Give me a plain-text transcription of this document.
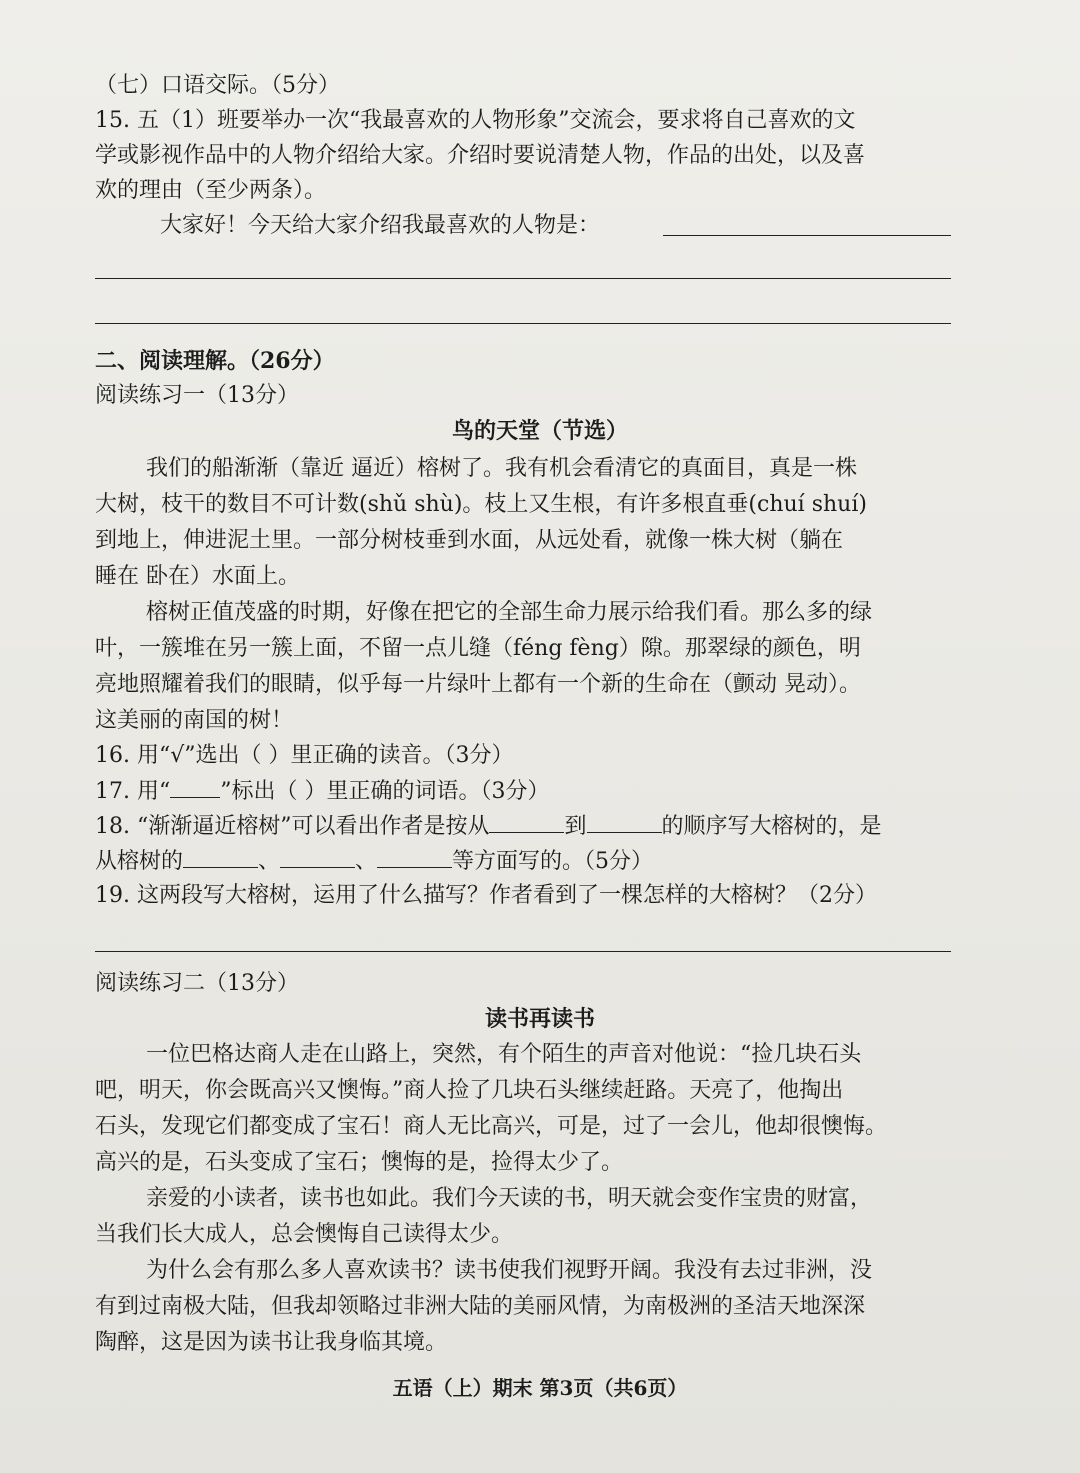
（七）口语交际。（5分）
15. 五（1）班要举办一次“我最喜欢的人物形象”交流会，要求将自己喜欢的文
学或影视作品中的人物介绍给大家。介绍时要说清楚人物，作品的出处，以及喜
欢的理由（至少两条）。
大家好！今天给大家介绍我最喜欢的人物是：
二、阅读理解。（26分）
阅读练习一（13分）
鸟的天堂（节选）
我们的船渐渐（靠近 逼近）榕树了。我有机会看清它的真面目，真是一株
大树，枝干的数目不可计数(shǔ shù)。枝上又生根，有许多根直垂(chuí shuí)
到地上，伸进泥土里。一部分树枝垂到水面，从远处看，就像一株大树（躺在
睡在 卧在）水面上。
榕树正值茂盛的时期，好像在把它的全部生命力展示给我们看。那么多的绿
叶，一簇堆在另一簇上面，不留一点儿缝（féng fèng）隙。那翠绿的颜色，明
亮地照耀着我们的眼睛，似乎每一片绿叶上都有一个新的生命在（颤动 晃动）。
这美丽的南国的树！
16. 用“√”选出（ ）里正确的读音。（3分）
17. 用“ ”标出（ ）里正确的词语。（3分）
18. “渐渐逼近榕树”可以看出作者是按从	到	的顺序写大榕树的，是
从榕树的	、	、	等方面写的。（5分）
19. 这两段写大榕树，运用了什么描写？作者看到了一棵怎样的大榕树？（2分）
阅读练习二（13分）
读书再读书
一位巴格达商人走在山路上，突然，有个陌生的声音对他说：“捡几块石头
吧，明天，你会既高兴又懊悔。”商人捡了几块石头继续赶路。天亮了，他掏出
石头，发现它们都变成了宝石！商人无比高兴，可是，过了一会儿，他却很懊悔。
高兴的是，石头变成了宝石；懊悔的是，捡得太少了。
亲爱的小读者，读书也如此。我们今天读的书，明天就会变作宝贵的财富，
当我们长大成人，总会懊悔自己读得太少。
为什么会有那么多人喜欢读书？读书使我们视野开阔。我没有去过非洲，没
有到过南极大陆，但我却领略过非洲大陆的美丽风情，为南极洲的圣洁天地深深
陶醉，这是因为读书让我身临其境。
五语（上）期末 第3页（共6页）
